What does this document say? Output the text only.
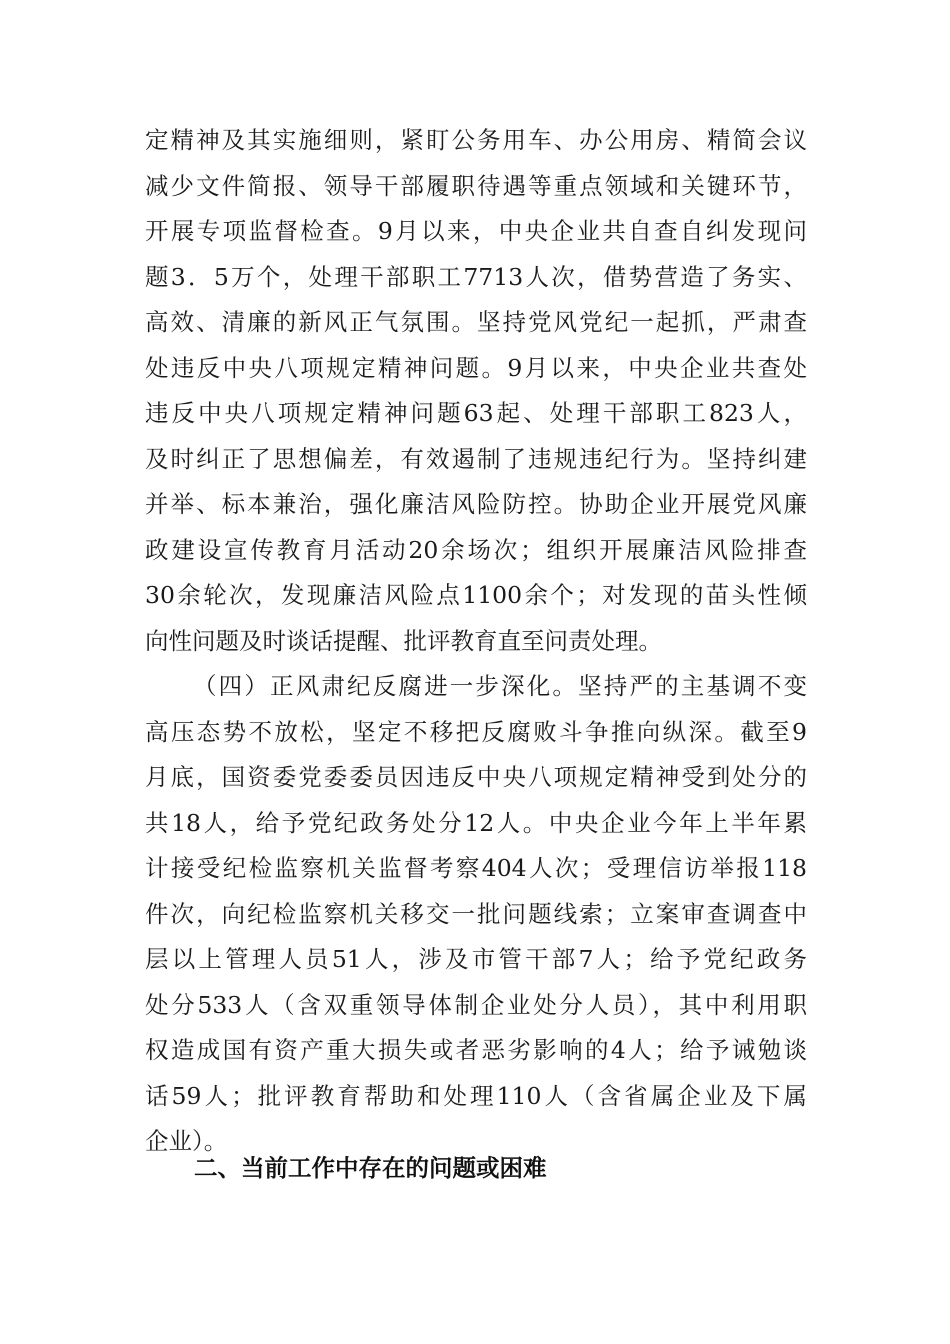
定精神及其实施细则，紧盯公务用车、办公用房、精简会议
减少文件简报、领导干部履职待遇等重点领域和关键环节，
开展专项监督检查。9月以来，中央企业共自查自纠发现问
题3．5万个，处理干部职工7713人次，借势营造了务实、
高效、清廉的新风正气氛围。坚持党风党纪一起抓，严肃查
处违反中央八项规定精神问题。9月以来，中央企业共查处
违反中央八项规定精神问题63起、处理干部职工823人，
及时纠正了思想偏差，有效遏制了违规违纪行为。坚持纠建
并举、标本兼治，强化廉洁风险防控。协助企业开展党风廉
政建设宣传教育月活动20余场次；组织开展廉洁风险排查
30余轮次，发现廉洁风险点1100余个；对发现的苗头性倾
向性问题及时谈话提醒、批评教育直至问责处理。
（四）正风肃纪反腐进一步深化。坚持严的主基调不变
高压态势不放松，坚定不移把反腐败斗争推向纵深。截至9
月底，国资委党委委员因违反中央八项规定精神受到处分的
共18人，给予党纪政务处分12人。中央企业今年上半年累
计接受纪检监察机关监督考察404人次；受理信访举报118
件次，向纪检监察机关移交一批问题线索；立案审查调查中
层以上管理人员51人，涉及市管干部7人；给予党纪政务
处分533人（含双重领导体制企业处分人员），其中利用职
权造成国有资产重大损失或者恶劣影响的4人；给予诫勉谈
话59人；批评教育帮助和处理110人（含省属企业及下属
企业）。
二、当前工作中存在的问题或困难
